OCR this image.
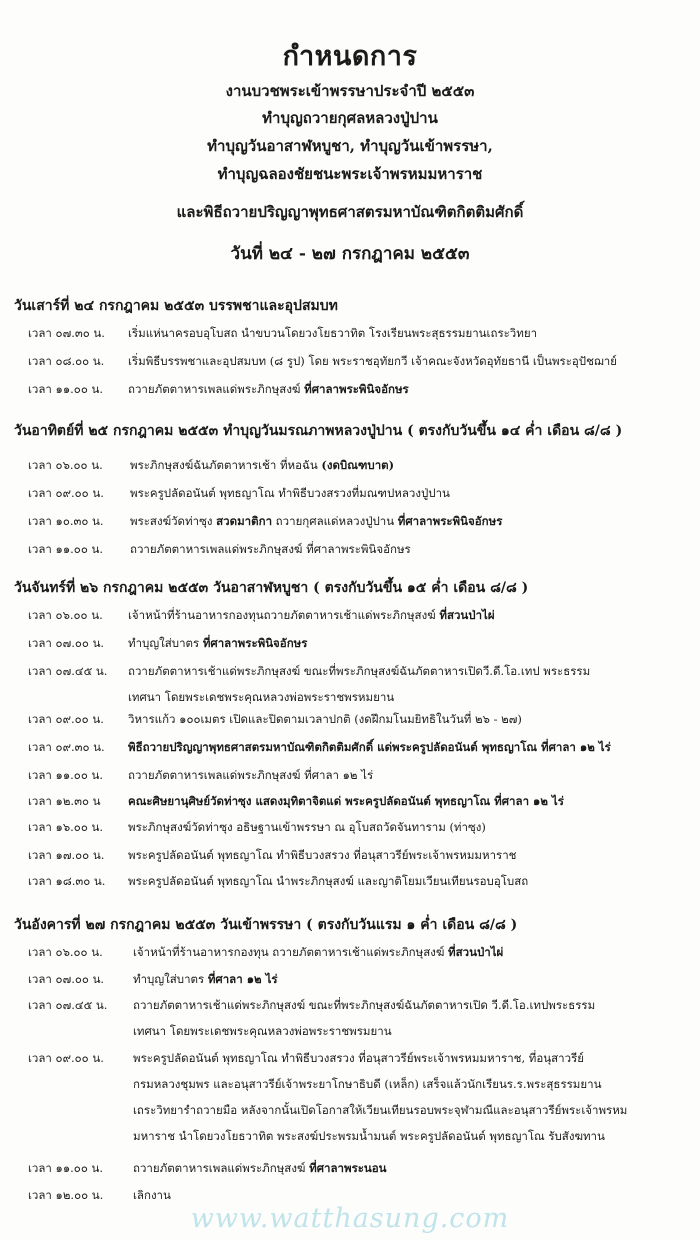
กำหนดการ
งานบวชพระเข้าพรรษาประจำปี ๒๕๕๓
ทำบุญถวายกุศลหลวงปู่ปาน
ทำบุญวันอาสาฬหบูชา, ทำบุญวันเข้าพรรษา,
ทำบุญฉลองชัยชนะพระเจ้าพรหมมหาราช
และพิธีถวายปริญญาพุทธศาสตรมหาบัณฑิตกิตติมศักดิ์
วันที่ ๒๔ - ๒๗ กรกฎาคม ๒๕๕๓
วันเสาร์ที่ ๒๔ กรกฎาคม ๒๕๕๓ บรรพชาและอุปสมบท
เวลา ๐๗.๓๐ น. เริ่มแห่นาครอบอุโบสถ นำขบวนโดยวงโยธวาทิต โรงเรียนพระสุธรรมยานเถระวิทยา
เวลา ๐๘.๐๐ น. เริ่มพิธีบรรพชาและอุปสมบท (๘ รูป) โดย พระราชอุทัยกวี เจ้าคณะจังหวัดอุทัยธานี เป็นพระอุปัชฌาย์
เวลา ๑๑.๐๐ น. ถวายภัตตาหารเพลแด่พระภิกษุสงฆ์ ที่ศาลาพระพินิจอักษร
วันอาทิตย์ที่ ๒๕ กรกฎาคม ๒๕๕๓ ทำบุญวันมรณภาพหลวงปู่ปาน ( ตรงกับวันขึ้น ๑๔ ค่ำ เดือน ๘/๘ )
เวลา ๐๖.๐๐ น. พระภิกษุสงฆ์ฉันภัตตาหารเช้า ที่หอฉัน (งดบิณฑบาต)
เวลา ๐๙.๐๐ น. พระครูปลัดอนันต์ พุทธญาโณ ทำพิธีบวงสรวงที่มณฑปหลวงปู่ปาน
เวลา ๑๐.๓๐ น. พระสงฆ์วัดท่าซุง สวดมาติกา ถวายกุศลแด่หลวงปู่ปาน ที่ศาลาพระพินิจอักษร
เวลา ๑๑.๐๐ น. ถวายภัตตาหารเพลแด่พระภิกษุสงฆ์ ที่ศาลาพระพินิจอักษร
วันจันทร์ที่ ๒๖ กรกฎาคม ๒๕๕๓ วันอาสาฬหบูชา ( ตรงกับวันขึ้น ๑๕ ค่ำ เดือน ๘/๘ )
เวลา ๐๖.๐๐ น. เจ้าหน้าที่ร้านอาหารกองทุนถวายภัตตาหารเช้าแด่พระภิกษุสงฆ์ ที่สวนป่าไผ่
เวลา ๐๗.๐๐ น. ทำบุญใส่บาตร ที่ศาลาพระพินิจอักษร
เวลา ๐๗.๔๕ น. ถวายภัตตาหารเช้าแด่พระภิกษุสงฆ์ ขณะที่พระภิกษุสงฆ์ฉันภัตตาหารเปิดวี.ดี.โอ.เทป พระธรรม
เทศนา โดยพระเดชพระคุณหลวงพ่อพระราชพรหมยาน
เวลา ๐๙.๐๐ น. วิหารแก้ว ๑๐๐เมตร เปิดและปิดตามเวลาปกติ (งดฝึกมโนมยิทธิในวันที่ ๒๖ - ๒๗)
เวลา ๐๙.๓๐ น. พิธีถวายปริญญาพุทธศาสตรมหาบัณฑิตกิตติมศักดิ์ แด่พระครูปลัดอนันต์ พุทธญาโณ ที่ศาลา ๑๒ ไร่
เวลา ๑๑.๐๐ น. ถวายภัตตาหารเพลแด่พระภิกษุสงฆ์ ที่ศาลา ๑๒ ไร่
เวลา ๑๒.๓๐ น คณะศิษยานุศิษย์วัดท่าซุง แสดงมุทิตาจิตแด่ พระครูปลัดอนันต์ พุทธญาโณ ที่ศาลา ๑๒ ไร่
เวลา ๑๖.๐๐ น. พระภิกษุสงฆ์วัดท่าซุง อธิษฐานเข้าพรรษา ณ อุโบสถวัดจันทาราม (ท่าซุง)
เวลา ๑๗.๐๐ น. พระครูปลัดอนันต์ พุทธญาโณ ทำพิธีบวงสรวง ที่อนุสาวรีย์พระเจ้าพรหมมหาราช
เวลา ๑๘.๓๐ น. พระครูปลัดอนันต์ พุทธญาโณ นำพระภิกษุสงฆ์ และญาติโยมเวียนเทียนรอบอุโบสถ
วันอังคารที่ ๒๗ กรกฎาคม ๒๕๕๓ วันเข้าพรรษา ( ตรงกับวันแรม ๑ ค่ำ เดือน ๘/๘ )
เวลา ๐๖.๐๐ น.	เจ้าหน้าที่ร้านอาหารกองทุน ถวายภัตตาหารเช้าแด่พระภิกษุสงฆ์ ที่สวนป่าไผ่
เวลา ๐๗.๐๐ น.	ทำบุญใส่บาตร ที่ศาลา ๑๒ ไร่
เวลา ๐๗.๔๕ น. ถวายภัตตาหารเช้าแด่พระภิกษุสงฆ์ ขณะที่พระภิกษุสงฆ์ฉันภัตตาหารเปิด วี.ดี.โอ.เทปพระธรรม
เทศนา โดยพระเดชพระคุณหลวงพ่อพระราชพรมยาน
เวลา ๐๙.๐๐ น.	พระครูปลัดอนันต์ พุทธญาโณ ทำพิธีบวงสรวง ที่อนุสาวรีย์พระเจ้าพรหมมหาราช, ที่อนุสาวรีย์
กรมหลวงชุมพร และอนุสาวรีย์เจ้าพระยาโกษาธิบดี (เหล็ก) เสร็จแล้วนักเรียนร.ร.พระสุธรรมยาน
เถระวิทยารำถวายมือ หลังจากนั้นเปิดโอกาสให้เวียนเทียนรอบพระจุฬามณีและอนุสาวรีย์พระเจ้าพรหม
มหาราช นำโดยวงโยธวาทิต พระสงฆ์ประพรมน้ำมนต์ พระครูปลัดอนันต์ พุทธญาโณ รับสังฆทาน
เวลา ๑๑.๐๐ น.	ถวายภัตตาหารเพลแด่พระภิกษุสงฆ์ ที่ศาลาพระนอน
เวลา ๑๒.๐๐ น.	เลิกงาน
www.watthasung.com
